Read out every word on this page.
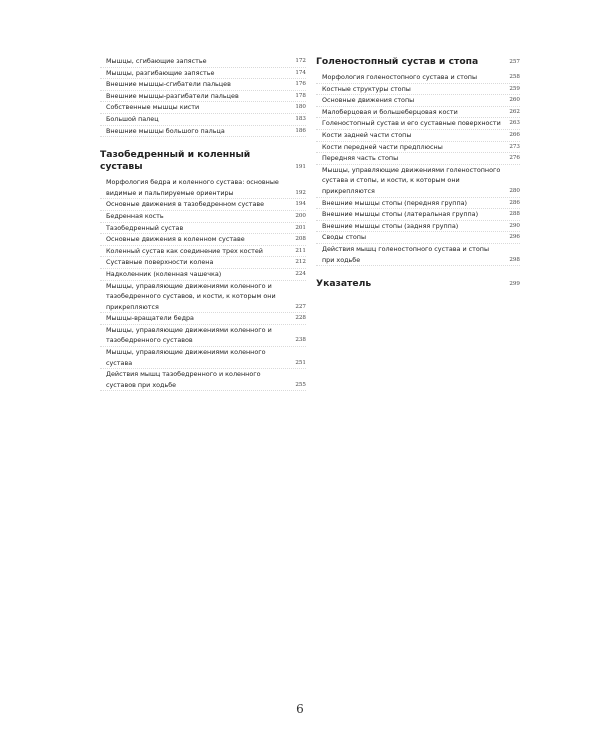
Мышцы, сгибающие запястье	172
Мышцы, разгибающие запястье	174
Внешние мышцы-сгибатели пальцев	176
Внешние мышцы-разгибатели пальцев	178
Собственные мышцы кисти	180
Большой палец	183
Внешние мышцы большого пальца	186
Тазобедренный и коленный суставы	191
Морфология бедра и коленного сустава: основные видимые и пальпируемые ориентиры	192
Основные движения в тазобедренном суставе	194
Бедренная кость	200
Тазобедренный сустав	201
Основные движения в коленном суставе	208
Коленный сустав как соединение трех костей	211
Суставные поверхности колена	212
Надколенник (коленная чашечка)	224
Мышцы, управляющие движениями коленного и тазобедренного суставов, и кости, к которым они прикрепляются	227
Мышцы-вращатели бедра	228
Мышцы, управляющие движениями коленного и тазобедренного суставов	238
Мышцы, управляющие движениями коленного сустава	251
Действия мышц тазобедренного и коленного суставов при ходьбе	255
Голеностопный сустав и стопа	257
Морфология голеностопного сустава и стопы	258
Костные структуры стопы	259
Основные движения стопы	260
Малоберцовая и большеберцовая кости	262
Голеностопный сустав и его суставные поверхности	263
Кости задней части стопы	266
Кости передней части предплюсны	273
Передняя часть стопы	276
Мышцы, управляющие движениями голеностопного сустава и стопы, и кости, к которым они прикрепляются	280
Внешние мышцы стопы (передняя группа)	286
Внешние мышцы стопы (латеральная группа)	288
Внешние мышцы стопы (задняя группа)	290
Своды стопы	296
Действия мышц голеностопного сустава и стопы при ходьбе	298
Указатель	299
6
